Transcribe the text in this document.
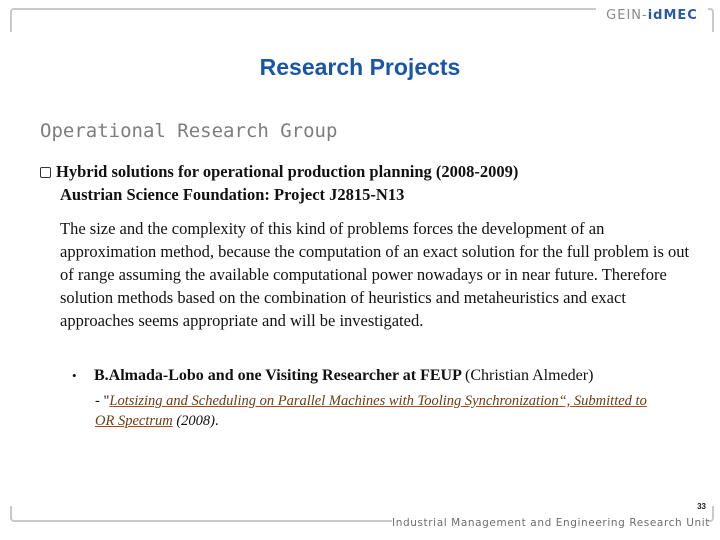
GEIN- idMEC
Research Projects
Operational Research Group
Hybrid solutions for operational production planning (2008-2009)
Austrian Science Foundation: Project J2815-N13
The size and the complexity of this kind of problems forces the development of an approximation method, because the computation of an exact solution for the full problem is out of range assuming the available computational power nowadays or in near future. Therefore solution methods based on the combination of heuristics and metaheuristics and exact approaches seems appropriate and will be investigated.
• B.Almada-Lobo and one Visiting Researcher at FEUP (Christian Almeder)
- "Lotsizing and Scheduling on Parallel Machines with Tooling Synchronization“, Submitted to OR Spectrum (2008).
33
Industrial Management and Engineering Research Unit
